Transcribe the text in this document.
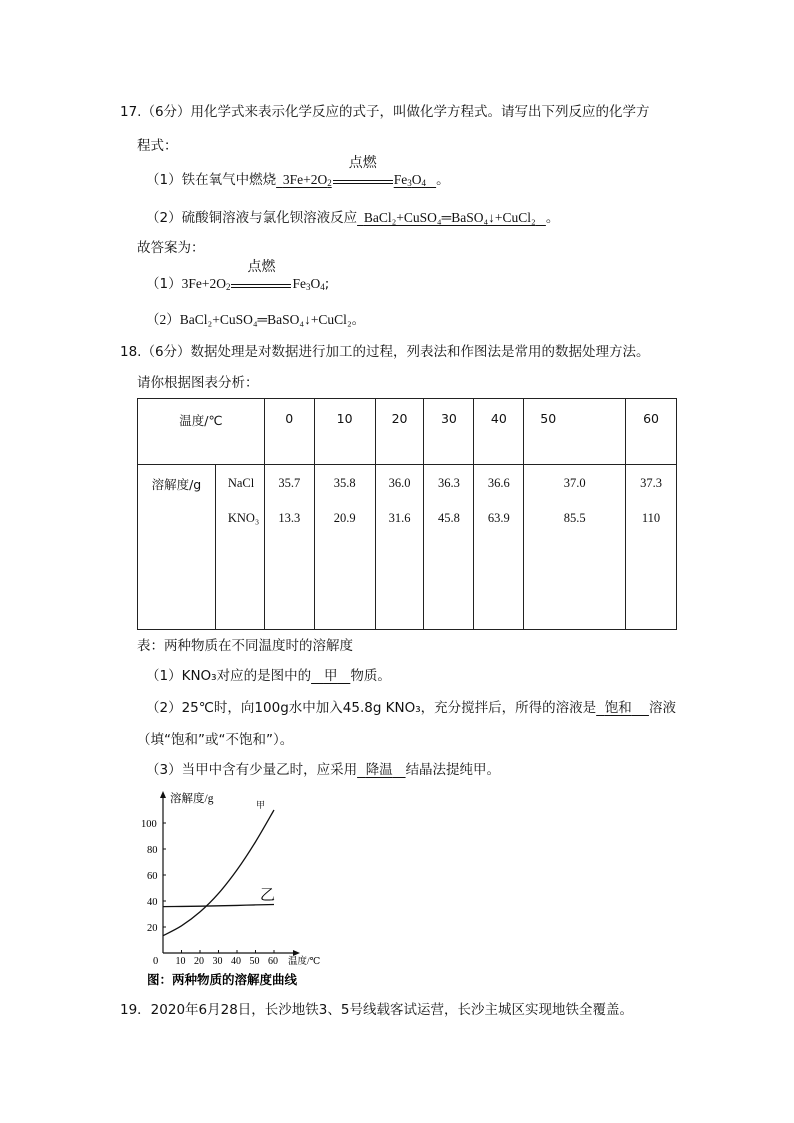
17.（6分）用化学式来表示化学反应的式子，叫做化学方程式。请写出下列反应的化学方
程式：
（1）铁在氧气中燃烧 $3Fe+2O_2$
点燃
$Fe_3O_4$ 。
（2）硫酸铜溶液与氯化钡溶液反应 BaCl₂+CuSO₄═BaSO₄↓+CuCl₂ 。
故答案为：
$(1)3Fe+2O_2$
点燃
$Fe_3O_4$;
（2）BaCl₂+CuSO₄═BaSO₄↓+CuCl₂。
18.（6分）数据处理是对数据进行加工的过程，列表法和作图法是常用的数据处理方法。
请你根据图表分析：
温度/℃		0	10	20	30	40	50	60
溶解度/g	NaCl	35.7	35.8	36.0	36.3	36.6	37.0	37.3
	KNO₃	13.3	20.9	31.6	45.8	63.9	85.5	110
表：两种物质在不同温度时的溶解度
（1）KNO₃对应的是图中的 甲 物质。
（2）25℃时，向100g水中加入45.8g KNO₃，充分搅拌后，所得的溶液是 饱和 溶液
（填“饱和”或“不饱和”）。
（3）当甲中含有少量乙时，应采用 降温 结晶法提纯甲。
溶解度/g
温度/℃
10 20 30 40 50 60
20
40
60
80
100
0
甲
乙
图：两种物质的溶解度曲线
19．2020年6月28日，长沙地铁3、5号线载客试运营，长沙主城区实现地铁全覆盖。
